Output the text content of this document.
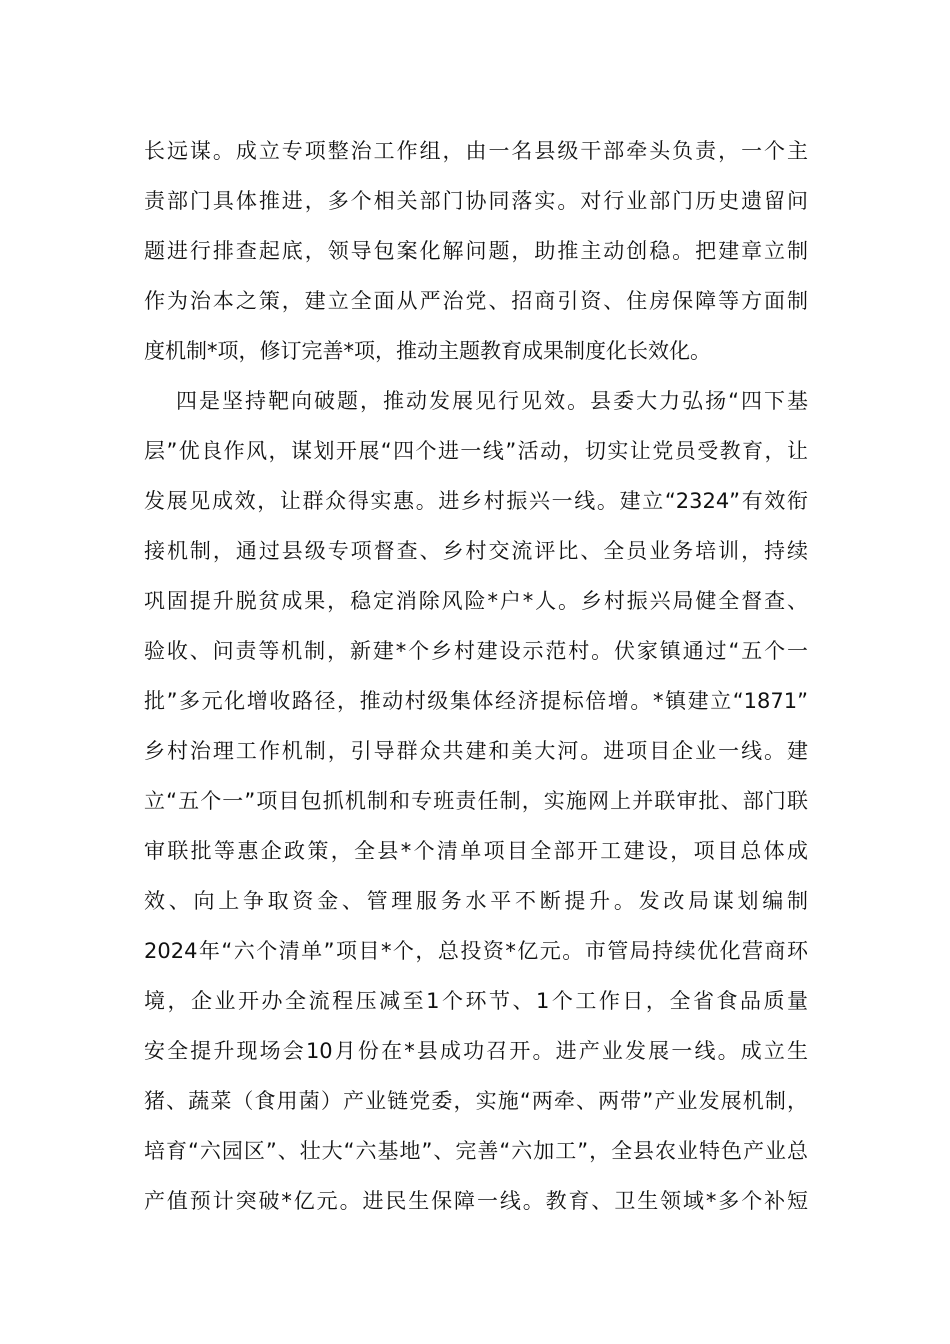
长远谋。成立专项整治工作组，由一名县级干部牵头负责，一个主
责部门具体推进，多个相关部门协同落实。对行业部门历史遗留问
题进行排查起底，领导包案化解问题，助推主动创稳。把建章立制
作为治本之策，建立全面从严治党、招商引资、住房保障等方面制
度机制*项，修订完善*项，推动主题教育成果制度化长效化。
四是坚持靶向破题，推动发展见行见效。县委大力弘扬“四下基
层”优良作风，谋划开展“四个进一线”活动，切实让党员受教育，让
发展见成效，让群众得实惠。进乡村振兴一线。建立“2324”有效衔
接机制，通过县级专项督查、乡村交流评比、全员业务培训，持续
巩固提升脱贫成果，稳定消除风险*户*人。乡村振兴局健全督查、
验收、问责等机制，新建*个乡村建设示范村。伏家镇通过“五个一
批”多元化增收路径，推动村级集体经济提标倍增。*镇建立“1871”
乡村治理工作机制，引导群众共建和美大河。进项目企业一线。建
立“五个一”项目包抓机制和专班责任制，实施网上并联审批、部门联
审联批等惠企政策，全县*个清单项目全部开工建设，项目总体成
效、向上争取资金、管理服务水平不断提升。发改局谋划编制
2024年“六个清单”项目*个，总投资*亿元。市管局持续优化营商环
境，企业开办全流程压减至1个环节、1个工作日，全省食品质量
安全提升现场会10月份在*县成功召开。进产业发展一线。成立生
猪、蔬菜（食用菌）产业链党委，实施“两牵、两带”产业发展机制，
培育“六园区”、壮大“六基地”、完善“六加工”，全县农业特色产业总
产值预计突破*亿元。进民生保障一线。教育、卫生领域*多个补短
